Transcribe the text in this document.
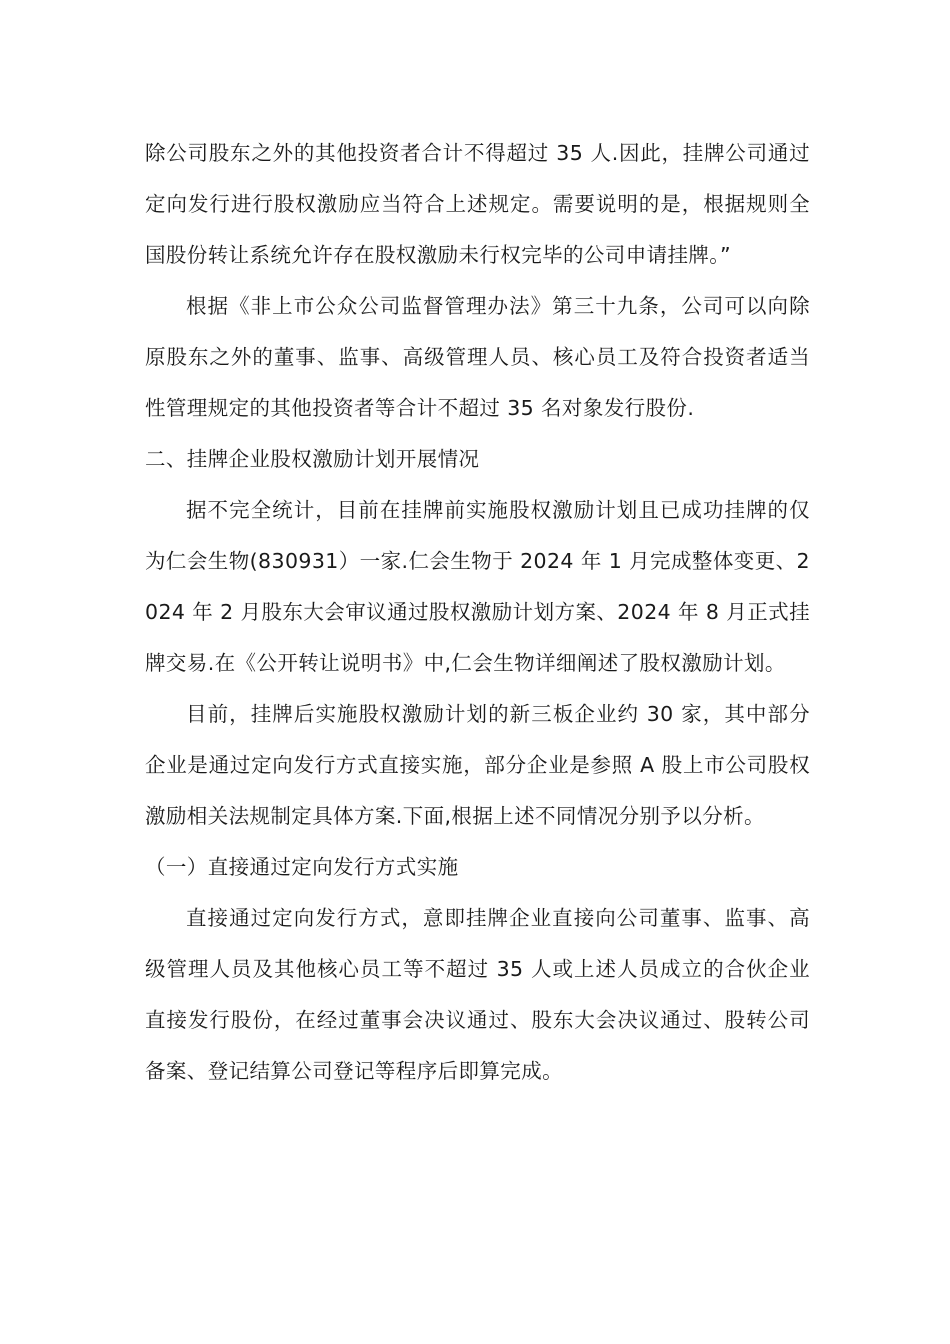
除公司股东之外的其他投资者合计不得超过 35 人.因此，挂牌公司通过定向发行进行股权激励应当符合上述规定。需要说明的是，根据规则全国股份转让系统允许存在股权激励未行权完毕的公司申请挂牌。”

根据《非上市公众公司监督管理办法》第三十九条，公司可以向除原股东之外的董事、监事、高级管理人员、核心员工及符合投资者适当性管理规定的其他投资者等合计不超过 35 名对象发行股份.

二、挂牌企业股权激励计划开展情况

据不完全统计，目前在挂牌前实施股权激励计划且已成功挂牌的仅为仁会生物(830931）一家.仁会生物于 2024 年 1 月完成整体变更、2024 年 2 月股东大会审议通过股权激励计划方案、2024 年 8 月正式挂牌交易.在《公开转让说明书》中,仁会生物详细阐述了股权激励计划。

目前，挂牌后实施股权激励计划的新三板企业约 30 家，其中部分企业是通过定向发行方式直接实施，部分企业是参照 A 股上市公司股权激励相关法规制定具体方案.下面,根据上述不同情况分别予以分析。

（一）直接通过定向发行方式实施

直接通过定向发行方式，意即挂牌企业直接向公司董事、监事、高级管理人员及其他核心员工等不超过 35 人或上述人员成立的合伙企业直接发行股份，在经过董事会决议通过、股东大会决议通过、股转公司备案、登记结算公司登记等程序后即算完成。
